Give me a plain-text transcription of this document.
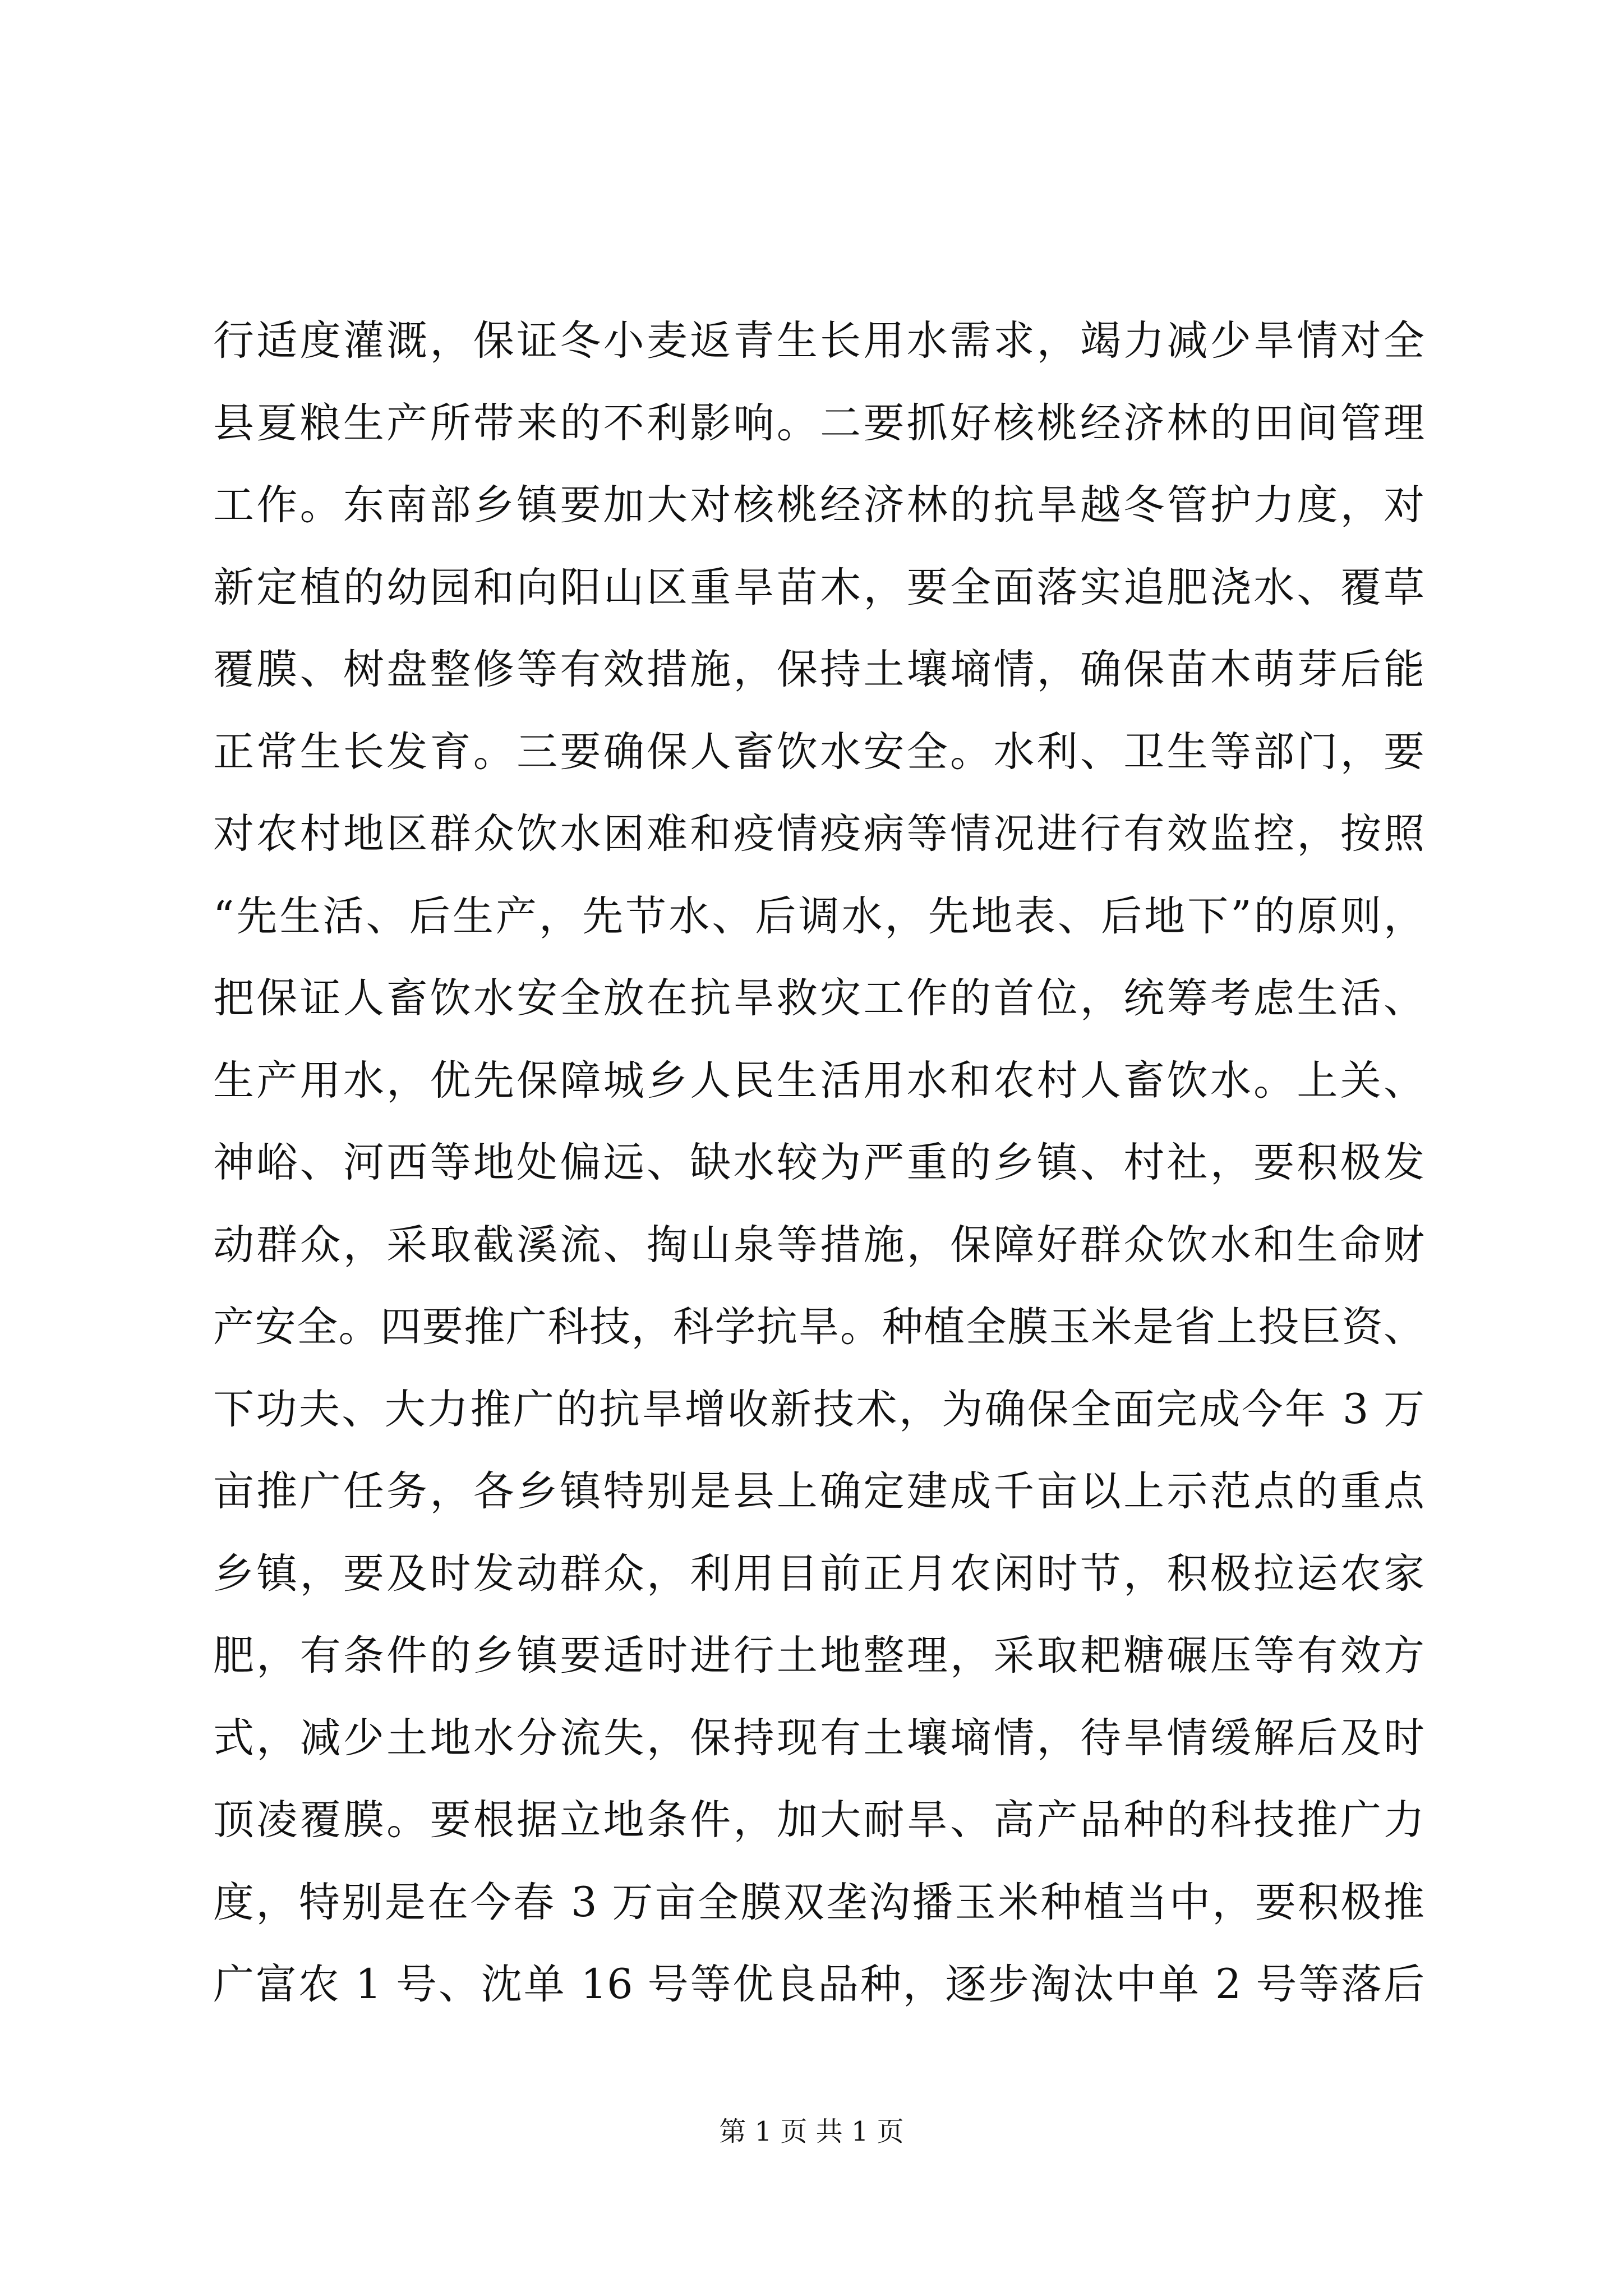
行适度灌溉，保证冬小麦返青生长用水需求，竭力减少旱情对全
县夏粮生产所带来的不利影响。二要抓好核桃经济林的田间管理
工作。东南部乡镇要加大对核桃经济林的抗旱越冬管护力度，对
新定植的幼园和向阳山区重旱苗木，要全面落实追肥浇水、覆草
覆膜、树盘整修等有效措施，保持土壤墒情，确保苗木萌芽后能
正常生长发育。三要确保人畜饮水安全。水利、卫生等部门，要
对农村地区群众饮水困难和疫情疫病等情况进行有效监控，按照
“先生活、后生产，先节水、后调水，先地表、后地下”的原则，
把保证人畜饮水安全放在抗旱救灾工作的首位，统筹考虑生活、
生产用水，优先保障城乡人民生活用水和农村人畜饮水。上关、
神峪、河西等地处偏远、缺水较为严重的乡镇、村社，要积极发
动群众，采取截溪流、掏山泉等措施，保障好群众饮水和生命财
产安全。四要推广科技，科学抗旱。种植全膜玉米是省上投巨资、
下功夫、大力推广的抗旱增收新技术，为确保全面完成今年 3 万
亩推广任务，各乡镇特别是县上确定建成千亩以上示范点的重点
乡镇，要及时发动群众，利用目前正月农闲时节，积极拉运农家
肥，有条件的乡镇要适时进行土地整理，采取耙糖碾压等有效方
式，减少土地水分流失，保持现有土壤墒情，待旱情缓解后及时
顶凌覆膜。要根据立地条件，加大耐旱、高产品种的科技推广力
度，特别是在今春 3 万亩全膜双垄沟播玉米种植当中，要积极推
广富农 1 号、沈单 16 号等优良品种，逐步淘汰中单 2 号等落后
第 1 页 共 1 页
